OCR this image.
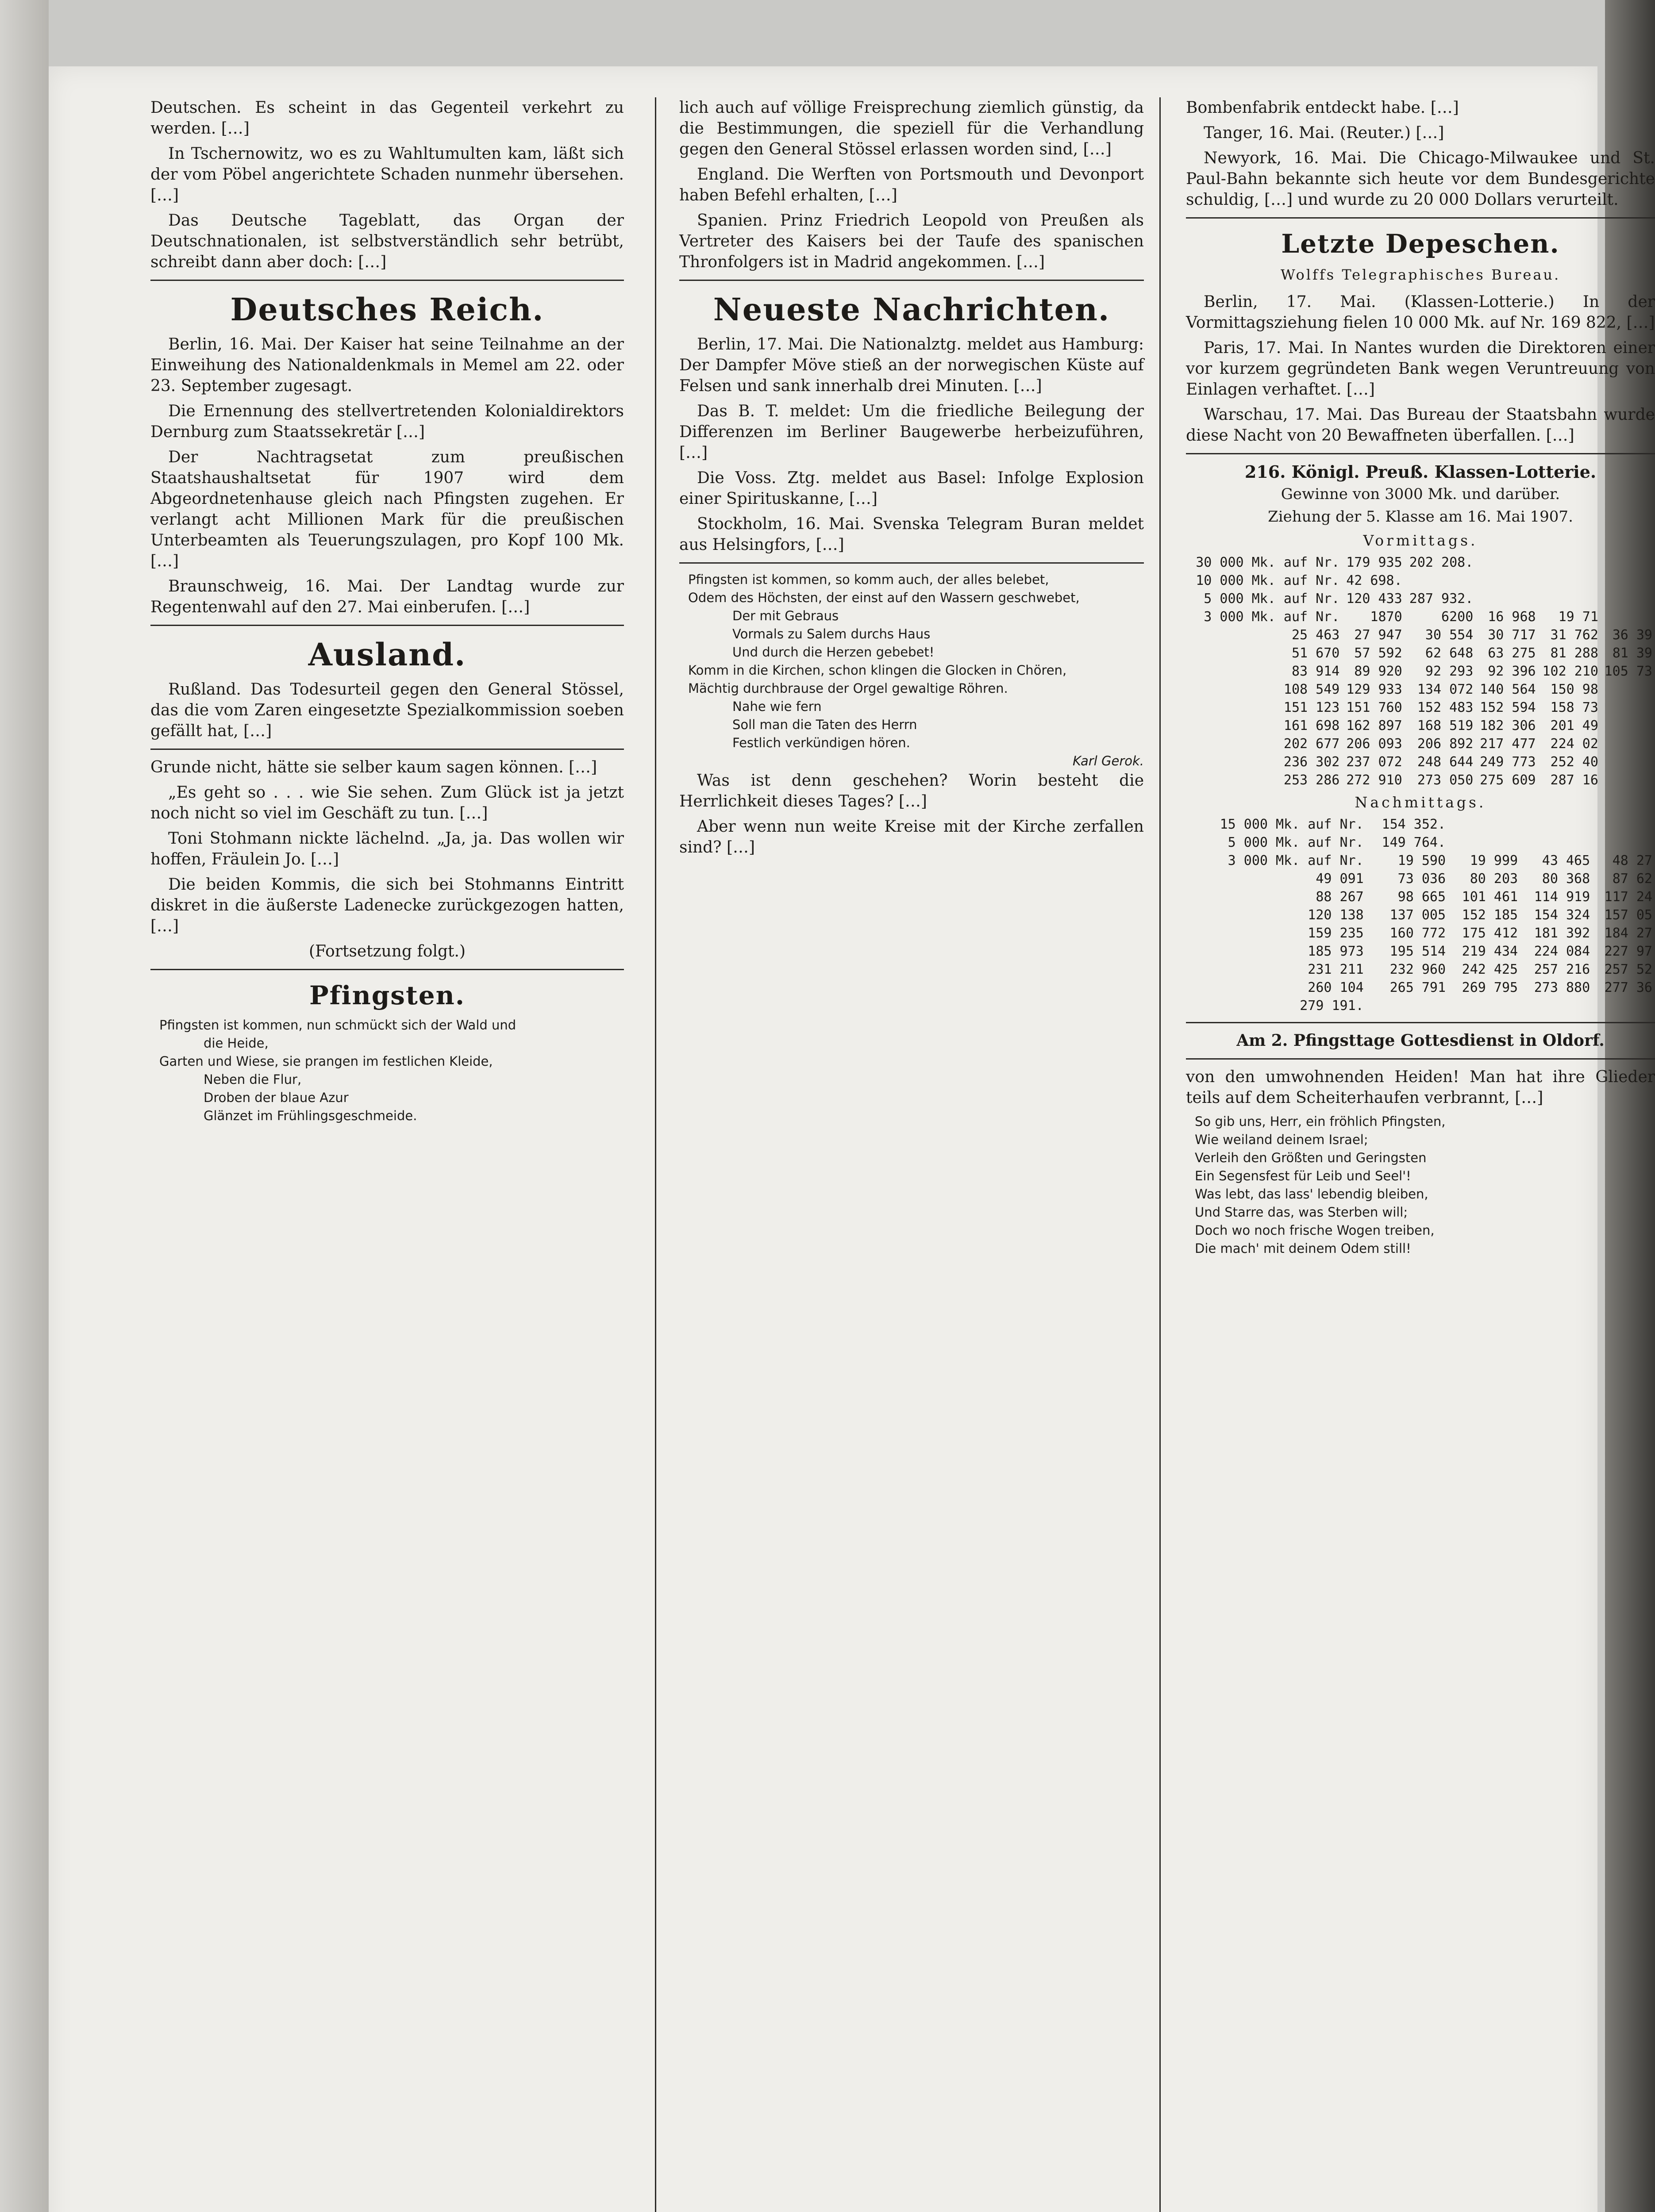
Deutschen. Es scheint in das Gegenteil verkehrt zu werden. […]

In Tschernowitz, wo es zu Wahltumulten kam, läßt sich der vom Pöbel angerichtete Schaden nunmehr übersehen. […]

Das Deutsche Tageblatt, das Organ der Deutschnationalen, ist selbstverständlich sehr betrübt, schreibt dann aber doch: […]

Deutsches Reich.

Berlin, 16. Mai. Der Kaiser hat seine Teilnahme an der Einweihung des Nationaldenkmals in Memel am 22. oder 23. September zugesagt.

Die Ernennung des stellvertretenden Kolonialdirektors Dernburg zum Staatssekretär […]

Der Nachtragsetat zum preußischen Staatshaushaltsetat für 1907 wird dem Abgeordnetenhause gleich nach Pfingsten zugehen. Er verlangt acht Millionen Mark für die preußischen Unterbeamten als Teuerungszulagen, pro Kopf 100 Mk. […]

Braunschweig, 16. Mai. Der Landtag wurde zur Regentenwahl auf den 27. Mai einberufen. […]

Ausland.

Rußland. Das Todesurteil gegen den General Stössel, das die vom Zaren eingesetzte Spezialkommission soeben gefällt hat, […]

Grunde nicht, hätte sie selber kaum sagen können. […]

„Es geht so . . . wie Sie sehen. Zum Glück ist ja jetzt noch nicht so viel im Geschäft zu tun. […]

Toni Stohmann nickte lächelnd. „Ja, ja. Das wollen wir hoffen, Fräulein Jo. […]

Die beiden Kommis, die sich bei Stohmanns Eintritt diskret in die äußerste Ladenecke zurückgezogen hatten, […]

(Fortsetzung folgt.)

Pfingsten.
Pfingsten ist kommen, nun schmückt sich der Wald und
die Heide,
Garten und Wiese, sie prangen im festlichen Kleide,
Neben die Flur,
Droben der blaue Azur
Glänzet im Frühlingsgeschmeide.

lich auch auf völlige Freisprechung ziemlich günstig, da die Bestimmungen, die speziell für die Verhandlung gegen den General Stössel erlassen worden sind, […]

England. Die Werften von Portsmouth und Devonport haben Befehl erhalten, […]

Spanien. Prinz Friedrich Leopold von Preußen als Vertreter des Kaisers bei der Taufe des spanischen Thronfolgers ist in Madrid angekommen. […]

Neueste Nachrichten.

Berlin, 17. Mai. Die Nationalztg. meldet aus Hamburg: Der Dampfer Möve stieß an der norwegischen Küste auf Felsen und sank innerhalb drei Minuten. […]

Das B. T. meldet: Um die friedliche Beilegung der Differenzen im Berliner Baugewerbe herbeizuführen, […]

Die Voss. Ztg. meldet aus Basel: Infolge Explosion einer Spirituskanne, […]

Stockholm, 16. Mai. Svenska Telegram Buran meldet aus Helsingfors, […]

Pfingsten ist kommen, so komm auch, der alles belebet,
Odem des Höchsten, der einst auf den Wassern geschwebet,
Der mit Gebraus
Vormals zu Salem durchs Haus
Und durch die Herzen gebebet!
Komm in die Kirchen, schon klingen die Glocken in Chören,
Mächtig durchbrause der Orgel gewaltige Röhren.
Nahe wie fern
Soll man die Taten des Herrn
Festlich verkündigen hören.
Karl Gerok.

Was ist denn geschehen? Worin besteht die Herrlichkeit dieses Tages? […]

Aber wenn nun weite Kreise mit der Kirche zerfallen sind? […]

Bombenfabrik entdeckt habe. […]

Tanger, 16. Mai. (Reuter.) […]

Newyork, 16. Mai. Die Chicago-Milwaukee und St. Paul-Bahn bekannte sich heute vor dem Bundesgerichte schuldig, […] und wurde zu 20 000 Dollars verurteilt.

Letzte Depeschen.
Wolffs Telegraphisches Bureau.

Berlin, 17. Mai. (Klassen-Lotterie.) In der Vormittagsziehung fielen 10 000 Mk. auf Nr. 169 822, […]

Paris, 17. Mai. In Nantes wurden die Direktoren einer vor kurzem gegründeten Bank wegen Veruntreuung von Einlagen verhaftet. […]

Warschau, 17. Mai. Das Bureau der Staatsbahn wurde diese Nacht von 20 Bewaffneten überfallen. […]

216. Königl. Preuß. Klassen-Lotterie.
Gewinne von 3000 Mk. und darüber.
Ziehung der 5. Klasse am 16. Mai 1907.
Vormittags.
30 000 Mk. auf Nr.	179 935	202 208.			
10 000 Mk. auf Nr.	42 698.				
5 000 Mk. auf Nr.	120 433	287 932.			
3 000 Mk. auf Nr.	1870	6200	16 968	19 71	
25 463	27 947	30 554	30 717	31 762	36 39
51 670	57 592	62 648	63 275	81 288	81 39
83 914	89 920	92 293	92 396	102 210	105 73
108 549	129 933	134 072	140 564	150 98	
151 123	151 760	152 483	152 594	158 73	
161 698	162 897	168 519	182 306	201 49	
202 677	206 093	206 892	217 477	224 02	
236 302	237 072	248 644	249 773	252 40	
253 286	272 910	273 050	275 609	287 16	
Nachmittags.
15 000 Mk. auf Nr.	154 352.			
5 000 Mk. auf Nr.	149 764.			
3 000 Mk. auf Nr.	19 590	19 999	43 465	48 27
49 091	73 036	80 203	80 368	87 62
88 267	98 665	101 461	114 919	117 24
120 138	137 005	152 185	154 324	157 05
159 235	160 772	175 412	181 392	184 27
185 973	195 514	219 434	224 084	227 97
231 211	232 960	242 425	257 216	257 52
260 104	265 791	269 795	273 880	277 36
279 191.				
Am 2. Pfingsttage Gottesdienst in Oldorf.

von den umwohnenden Heiden! Man hat ihre Glieder teils auf dem Scheiterhaufen verbrannt, […]

So gib uns, Herr, ein fröhlich Pfingsten,
Wie weiland deinem Israel;
Verleih den Größten und Geringsten
Ein Segensfest für Leib und Seel'!
Was lebt, das lass' lebendig bleiben,
Und Starre das, was Sterben will;
Doch wo noch frische Wogen treiben,
Die mach' mit deinem Odem still!
